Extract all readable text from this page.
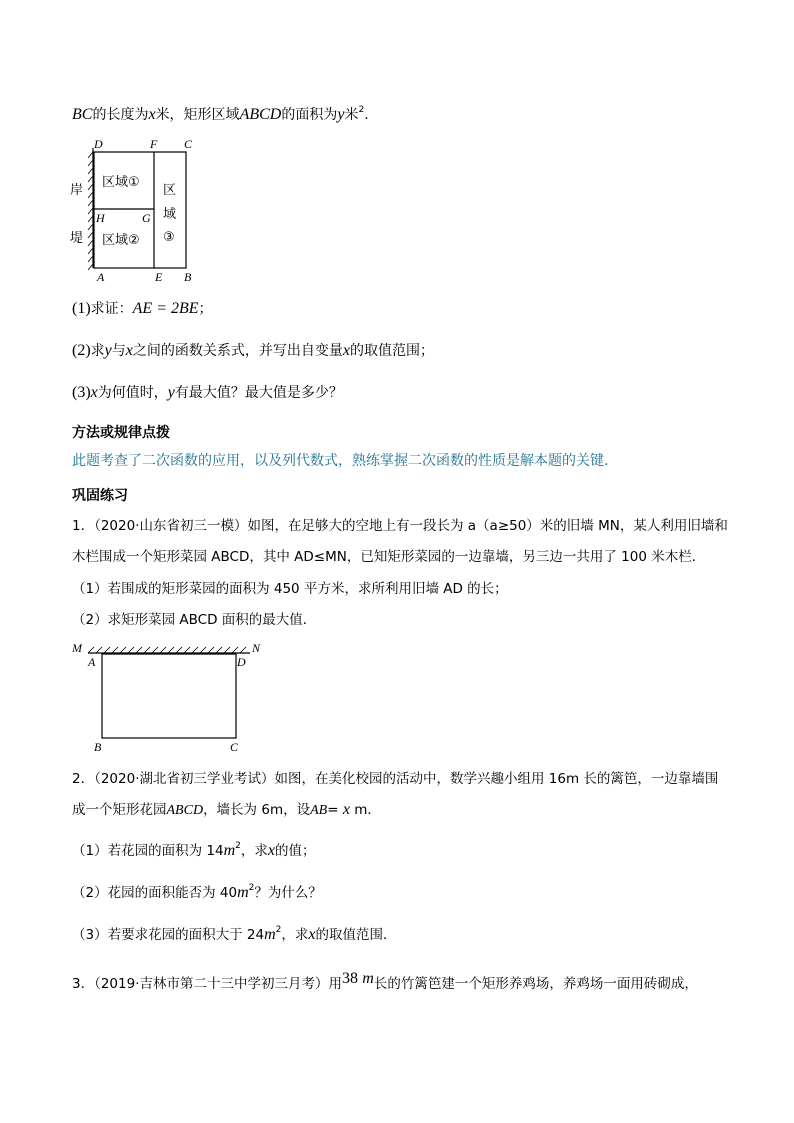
BC的长度为x米，矩形区域ABCD的面积为y米$^2$.
D	F C
H	G
A	E B
岸
堤
区域①
区域②
区
域
③
(1)求证：AE = 2BE；
(2)求y与x之间的函数关系式，并写出自变量x的取值范围；
(3)x为何值时，y有最大值？最大值是多少？
方法或规律点拨
此题考查了二次函数的应用，以及列代数式，熟练掌握二次函数的性质是解本题的关键．
巩固练习
1．（2020·山东省初三一模）如图，在足够大的空地上有一段长为 a（a≥50）米的旧墙 MN，某人利用旧墙和
木栏围成一个矩形菜园 ABCD，其中 AD≤MN，已知矩形菜园的一边靠墙，另三边一共用了 100 米木栏．
（1）若围成的矩形菜园的面积为 450 平方米，求所利用旧墙 AD 的长；
（2）求矩形菜园 ABCD 面积的最大值．
M	N
A	D
B	C
2．（2020·湖北省初三学业考试）如图，在美化校园的活动中，数学兴趣小组用 16m 长的篱笆，一边靠墙围
成一个矩形花园ABCD，墙长为 6m，设AB= x m．
（1）若花园的面积为 $14m^2$，求x的值；
（2）花园的面积能否为 $40m^2$？为什么？
（3）若要求花园的面积大于 $24m^2$，求x的取值范围．
3．（2019·吉林市第二十三中学初三月考）用38 m长的竹篱笆建一个矩形养鸡场，养鸡场一面用砖砌成，
